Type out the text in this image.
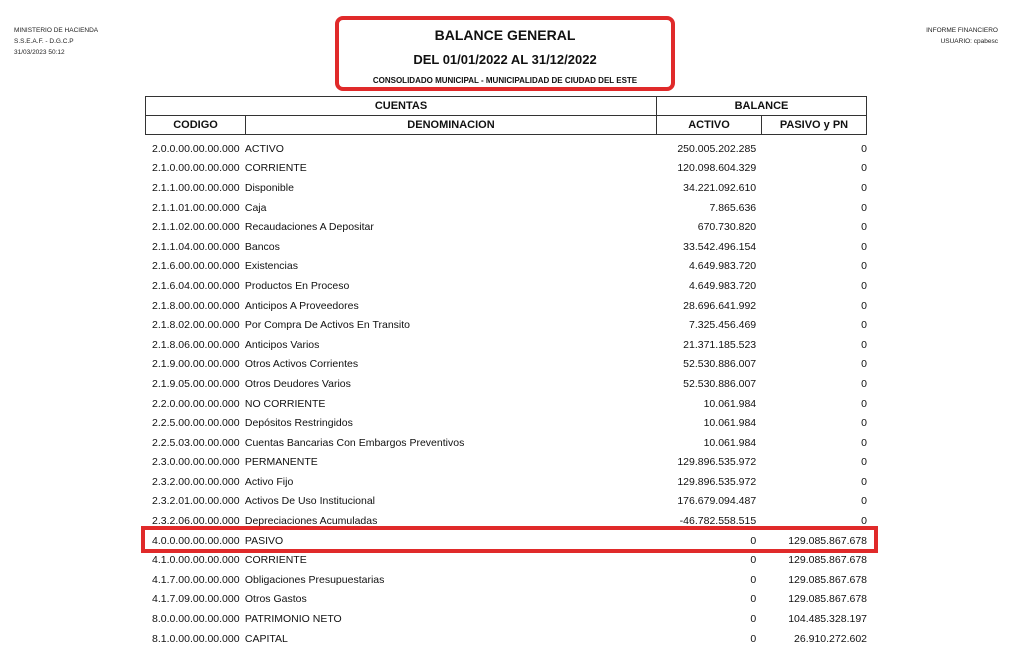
MINISTERIO DE HACIENDA
S.S.E.A.F. - D.G.C.P
31/03/2023 50:12
INFORME FINANCIERO
USUARIO: cpabesc
BALANCE GENERAL
DEL 01/01/2022 AL 31/12/2022
CONSOLIDADO MUNICIPAL - MUNICIPALIDAD DE CIUDAD DEL ESTE
CUENTAS	BALANCE
CODIGO	DENOMINACION	ACTIVO	PASIVO y PN
2.0.0.00.00.00.000 ACTIVO	250.005.202.285	0
2.1.0.00.00.00.000 CORRIENTE	120.098.604.329	0
2.1.1.00.00.00.000 Disponible	34.221.092.610	0
2.1.1.01.00.00.000 Caja	7.865.636	0
2.1.1.02.00.00.000 Recaudaciones A Depositar	670.730.820	0
2.1.1.04.00.00.000 Bancos	33.542.496.154	0
2.1.6.00.00.00.000 Existencias	4.649.983.720	0
2.1.6.04.00.00.000 Productos En Proceso	4.649.983.720	0
2.1.8.00.00.00.000 Anticipos A Proveedores	28.696.641.992	0
2.1.8.02.00.00.000 Por Compra De Activos En Transito	7.325.456.469	0
2.1.8.06.00.00.000 Anticipos Varios	21.371.185.523	0
2.1.9.00.00.00.000 Otros Activos Corrientes	52.530.886.007	0
2.1.9.05.00.00.000 Otros Deudores Varios	52.530.886.007	0
2.2.0.00.00.00.000 NO CORRIENTE	10.061.984	0
2.2.5.00.00.00.000 Depósitos Restringidos	10.061.984	0
2.2.5.03.00.00.000 Cuentas Bancarias Con Embargos Preventivos	10.061.984	0
2.3.0.00.00.00.000 PERMANENTE	129.896.535.972	0
2.3.2.00.00.00.000 Activo Fijo	129.896.535.972	0
2.3.2.01.00.00.000 Activos De Uso Institucional	176.679.094.487	0
2.3.2.06.00.00.000 Depreciaciones Acumuladas	-46.782.558.515	0
4.0.0.00.00.00.000 PASIVO	0	129.085.867.678
4.1.0.00.00.00.000 CORRIENTE	0	129.085.867.678
4.1.7.00.00.00.000 Obligaciones Presupuestarias	0	129.085.867.678
4.1.7.09.00.00.000 Otros Gastos	0	129.085.867.678
8.0.0.00.00.00.000 PATRIMONIO NETO	0	104.485.328.197
8.1.0.00.00.00.000 CAPITAL	0	26.910.272.602
